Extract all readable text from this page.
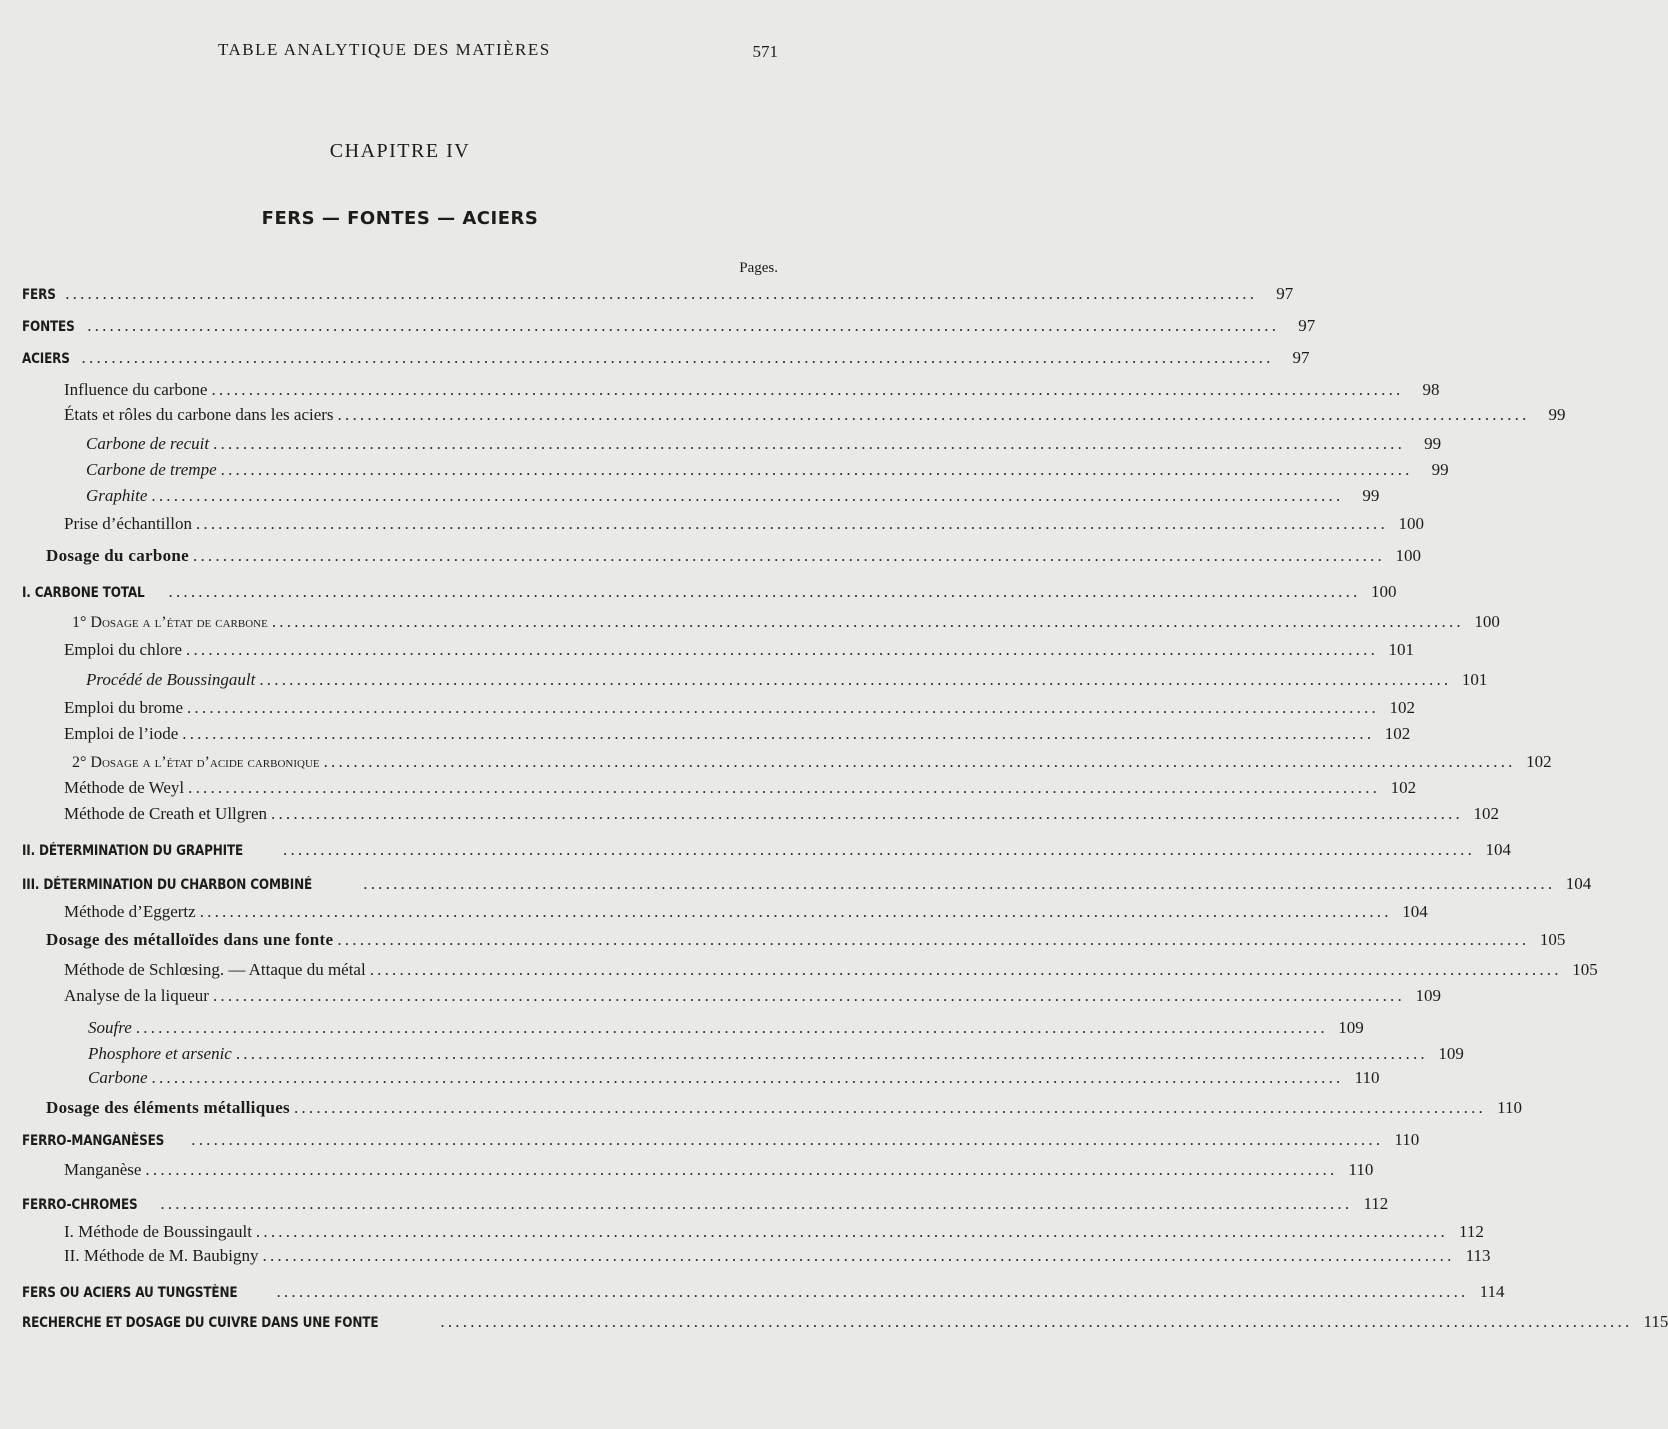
TABLE ANALYTIQUE DES MATIÈRES	571
CHAPITRE IV
FERS — FONTES — ACIERS
Pages.
FERS ................................................................................................................................................................	97
FONTES ................................................................................................................................................................	97
ACIERS ................................................................................................................................................................	97
Influence du carbone ................................................................................................................................................................	98
États et rôles du carbone dans les aciers ................................................................................................................................................................	99
Carbone de recuit ................................................................................................................................................................	99
Carbone de trempe ................................................................................................................................................................	99
Graphite ................................................................................................................................................................	99
Prise d’échantillon ................................................................................................................................................................ 100
Dosage du carbone ................................................................................................................................................................ 100
I. CARBONE TOTAL ................................................................................................................................................................ 100
1° Dosage a l’état de carbone ................................................................................................................................................................ 100
Emploi du chlore ................................................................................................................................................................ 101
Procédé de Boussingault ................................................................................................................................................................ 101
Emploi du brome ................................................................................................................................................................ 102
Emploi de l’iode ................................................................................................................................................................ 102
2° Dosage a l’état d’acide carbonique ................................................................................................................................................................ 102
Méthode de Weyl ................................................................................................................................................................ 102
Méthode de Creath et Ullgren ................................................................................................................................................................ 102
II. DÉTERMINATION DU GRAPHITE ................................................................................................................................................................ 104
III. DÉTERMINATION DU CHARBON COMBINÉ	................................................................................................................................................................ 104
Méthode d’Eggertz ................................................................................................................................................................ 104
Dosage des métalloïdes dans une fonte ................................................................................................................................................................ 105
Méthode de Schlœsing. — Attaque du métal ................................................................................................................................................................ 105
Analyse de la liqueur ................................................................................................................................................................ 109
Soufre ................................................................................................................................................................ 109
Phosphore et arsenic ................................................................................................................................................................ 109
Carbone ................................................................................................................................................................ 110
Dosage des éléments métalliques ................................................................................................................................................................ 110
FERRO-MANGANÈSES ................................................................................................................................................................ 110
Manganèse ................................................................................................................................................................ 110
FERRO-CHROMES ................................................................................................................................................................ 112
I. Méthode de Boussingault ................................................................................................................................................................ 112
II. Méthode de M. Baubigny ................................................................................................................................................................ 113
FERS OU ACIERS AU TUNGSTÈNE ................................................................................................................................................................ 114
RECHERCHE ET DOSAGE DU CUIVRE DANS UNE FONTE	................................................................................................................................................................ 115
